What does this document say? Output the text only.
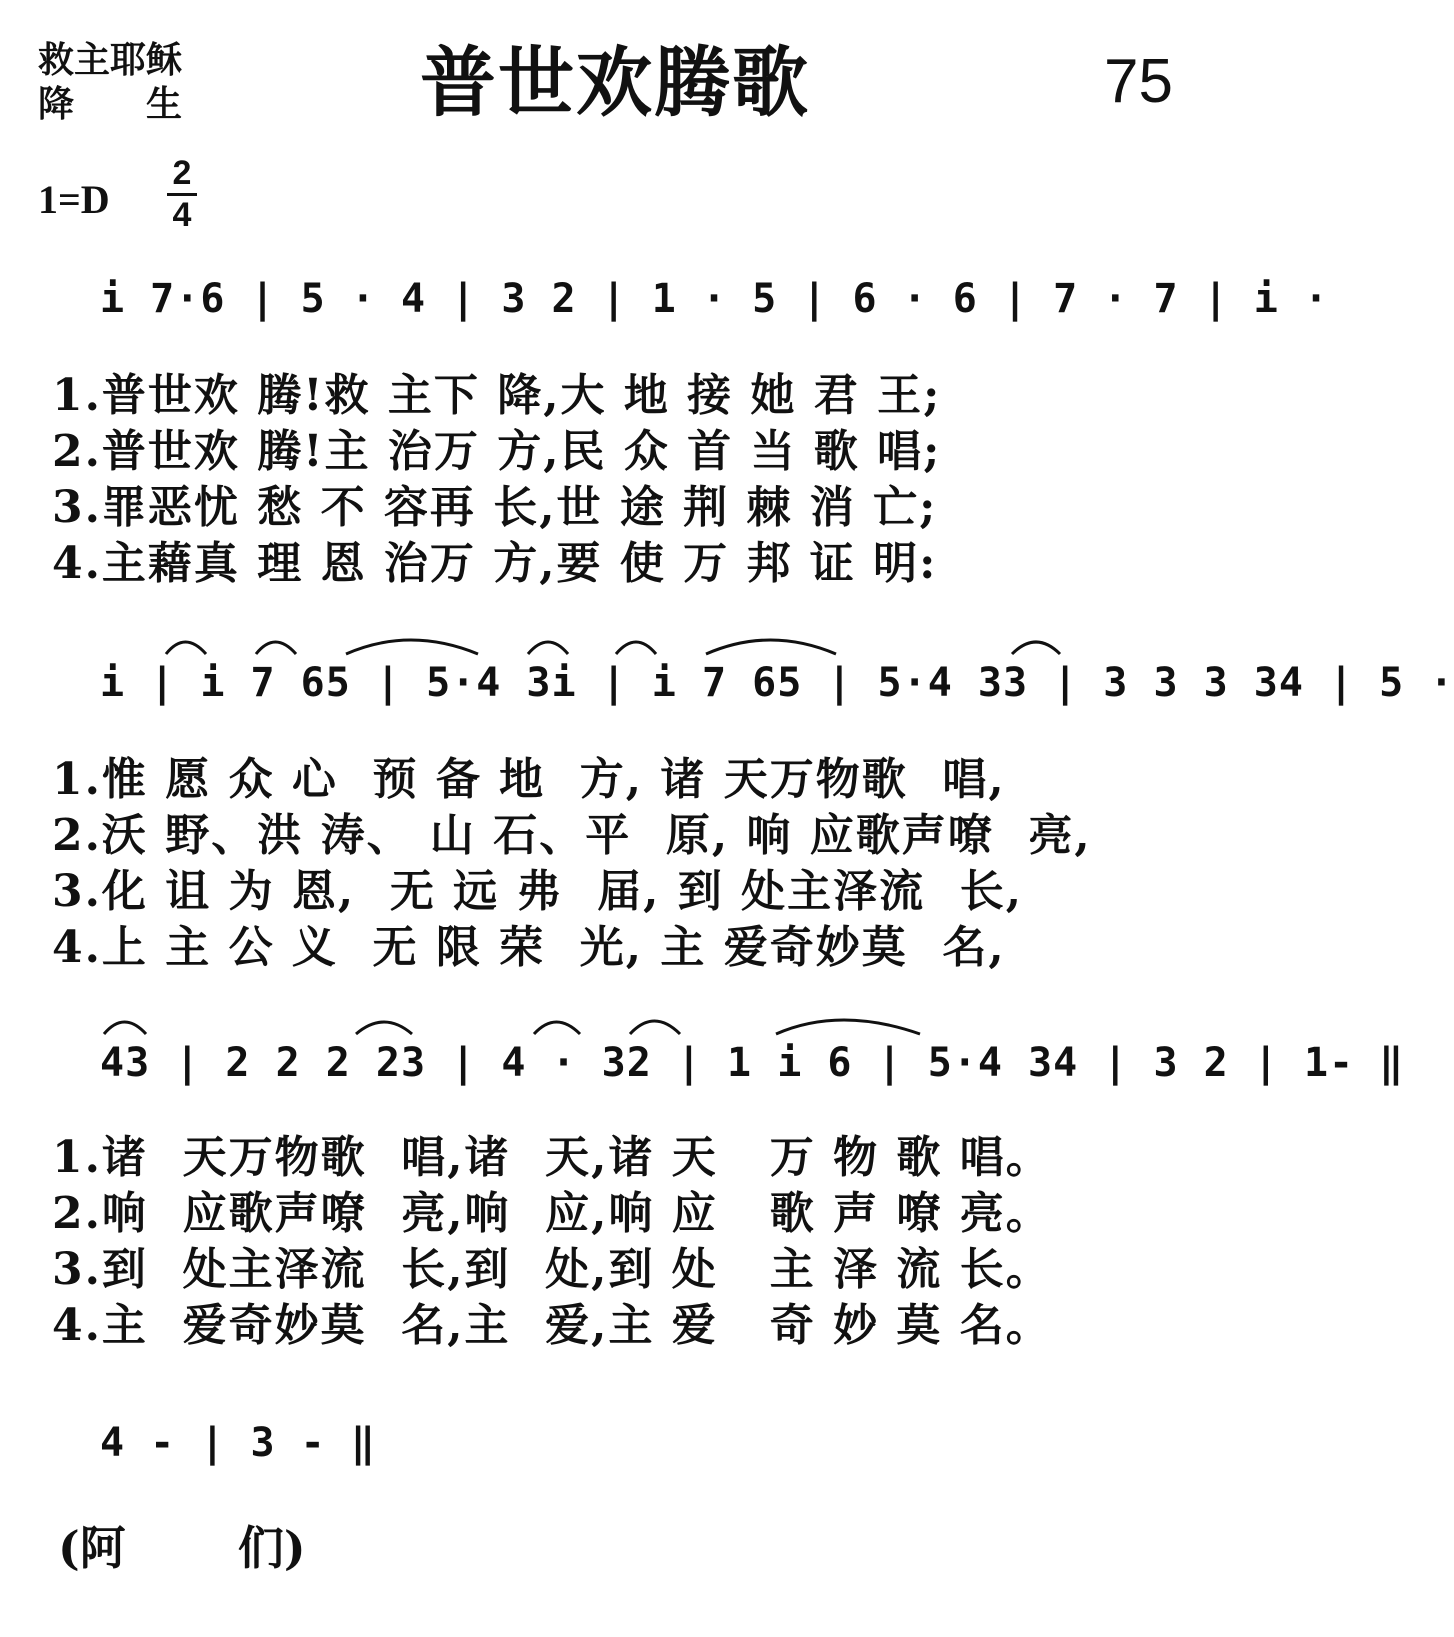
救主耶稣
降　　生	普世欢腾歌	75
1=D
2
4
i 7·6 | 5 · 4 | 3 2 | 1 · 5 | 6 · 6 | 7 · 7 | i ·
1.普世欢 腾!救 主下 降,大 地 接 她 君 王;
2.普世欢 腾!主 治万 方,民 众 首 当 歌 唱;
3.罪恶忧 愁 不 容再 长,世 途 荆 棘 消 亡;
4.主藉真 理 恩 治万 方,要 使 万 邦 证 明:
i | i 7 65 | 5·4 3i | i 7 65 | 5·4 33 | 3 3 3 34 | 5 ·
1.惟 愿 众 心  预 备 地  方, 诸 天万物歌  唱,
2.沃 野、洪 涛、 山 石、平  原, 响 应歌声嘹  亮,
3.化 诅 为 恩,  无 远 弗  届, 到 处主泽流  长,
4.上 主 公 义  无 限 荣  光, 主 爱奇妙莫  名,
43 | 2 2 2 23 | 4 · 32 | 1 i 6 | 5·4 34 | 3 2 | 1- ‖
1.诸  天万物歌  唱,诸  天,诸 天   万 物 歌 唱。
2.响  应歌声嘹  亮,响  应,响 应   歌 声 嘹 亮。
3.到  处主泽流  长,到  处,到 处   主 泽 流 长。
4.主  爱奇妙莫  名,主  爱,主 爱   奇 妙 莫 名。
4 - | 3 - ‖
(阿       们)
